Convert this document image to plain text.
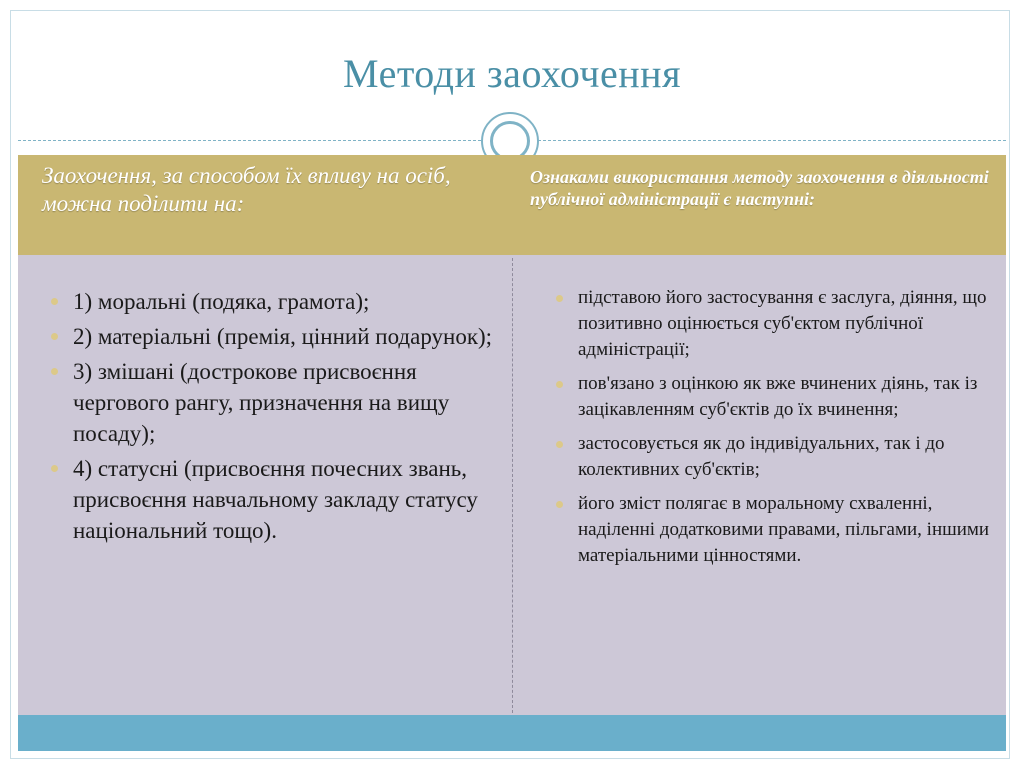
Методи заохочення
Заохочення, за способом їх впливу на осіб, можна поділити на:
Ознаками використання методу заохочення в діяльності публічної адміністрації є наступні:
1) моральні (подяка, грамота);
2) матеріальні (премія, цінний подарунок);
3) змішані (дострокове присвоєння чергового рангу, призначення на вищу посаду);
4) статусні (присвоєння почесних звань, присвоєння навчальному закладу статусу національний тощо).
підставою його застосування є заслуга, діяння, що позитивно оцінюється суб'єктом публічної адміністрації;
пов'язано з оцінкою як вже вчинених діянь, так із зацікавленням суб'єктів до їх вчинення;
застосовується як до індивідуальних, так і до колективних суб'єктів;
його зміст полягає в моральному схваленні, наділенні додатковими правами, пільгами, іншими матеріальними цінностями.
